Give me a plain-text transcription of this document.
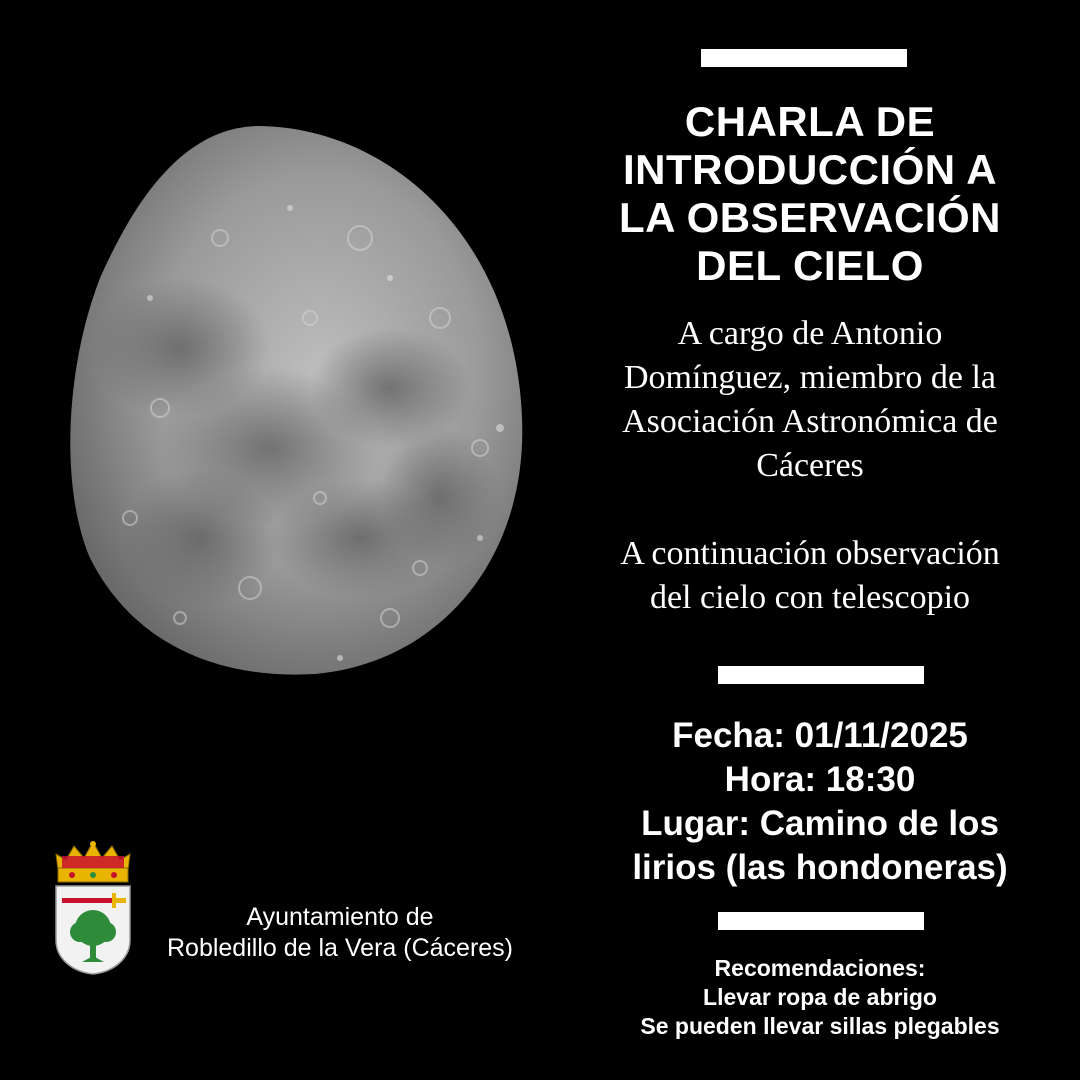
CHARLA DE
INTRODUCCIÓN A
LA OBSERVACIÓN
DEL CIELO
A cargo de Antonio
Domínguez, miembro de la
Asociación Astronómica de
Cáceres
A continuación observación
del cielo con telescopio
Fecha: 01/11/2025
Hora: 18:30
Lugar: Camino de los
lirios (las hondoneras)
Recomendaciones:
Llevar ropa de abrigo
Se pueden llevar sillas plegables
Ayuntamiento de
Robledillo de la Vera (Cáceres)
